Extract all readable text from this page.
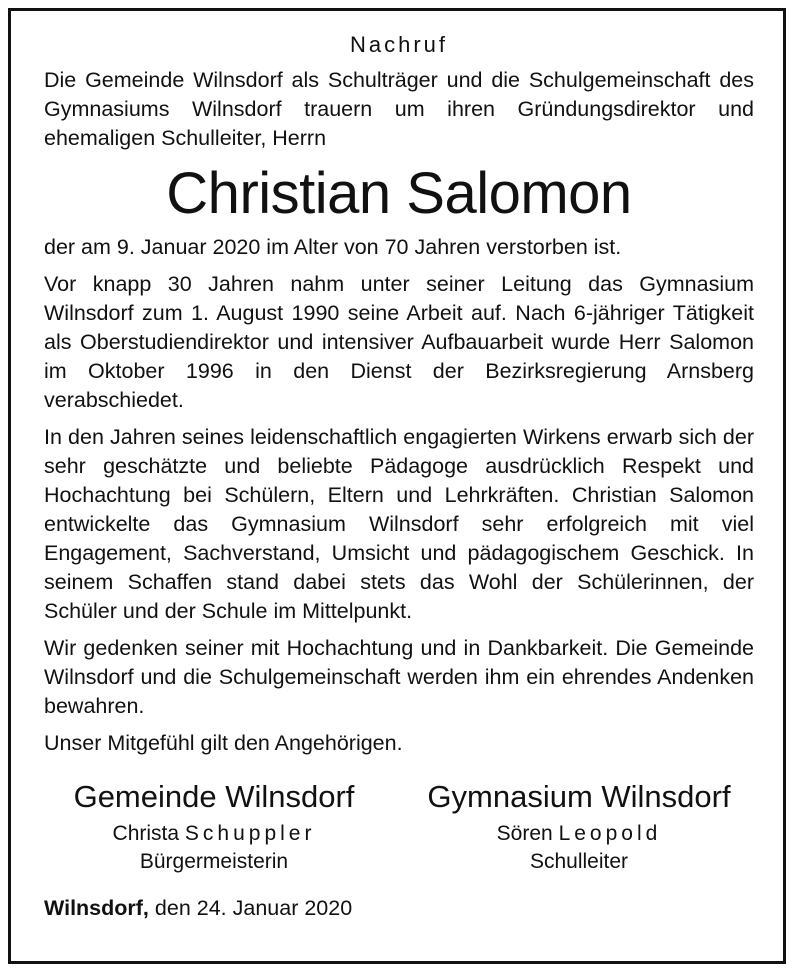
Nachruf

Die Gemeinde Wilnsdorf als Schulträger und die Schulgemeinschaft des Gymnasiums Wilnsdorf trauern um ihren Gründungsdirektor und ehemaligen Schulleiter, Herrn

Christian Salomon

der am 9. Januar 2020 im Alter von 70 Jahren verstorben ist.

Vor knapp 30 Jahren nahm unter seiner Leitung das Gymnasium Wilnsdorf zum 1. August 1990 seine Arbeit auf. Nach 6-jähriger Tätigkeit als Oberstudiendirektor und intensiver Aufbauarbeit wurde Herr Salomon im Oktober 1996 in den Dienst der Bezirksregierung Arnsberg verabschiedet.

In den Jahren seines leidenschaftlich engagierten Wirkens erwarb sich der sehr geschätzte und beliebte Pädagoge ausdrücklich Respekt und Hochachtung bei Schülern, Eltern und Lehrkräften. Christian Salomon entwickelte das Gymnasium Wilnsdorf sehr erfolgreich mit viel Engagement, Sachverstand, Umsicht und pädagogischem Geschick. In seinem Schaffen stand dabei stets das Wohl der Schülerinnen, der Schüler und der Schule im Mittelpunkt.

Wir gedenken seiner mit Hochachtung und in Dankbarkeit. Die Gemeinde Wilnsdorf und die Schulgemeinschaft werden ihm ein ehrendes Andenken bewahren.

Unser Mitgefühl gilt den Angehörigen.

Gemeinde Wilnsdorf
Christa Schuppler
Bürgermeisterin
Gymnasium Wilnsdorf
Sören Leopold
Schulleiter
Wilnsdorf, den 24. Januar 2020
